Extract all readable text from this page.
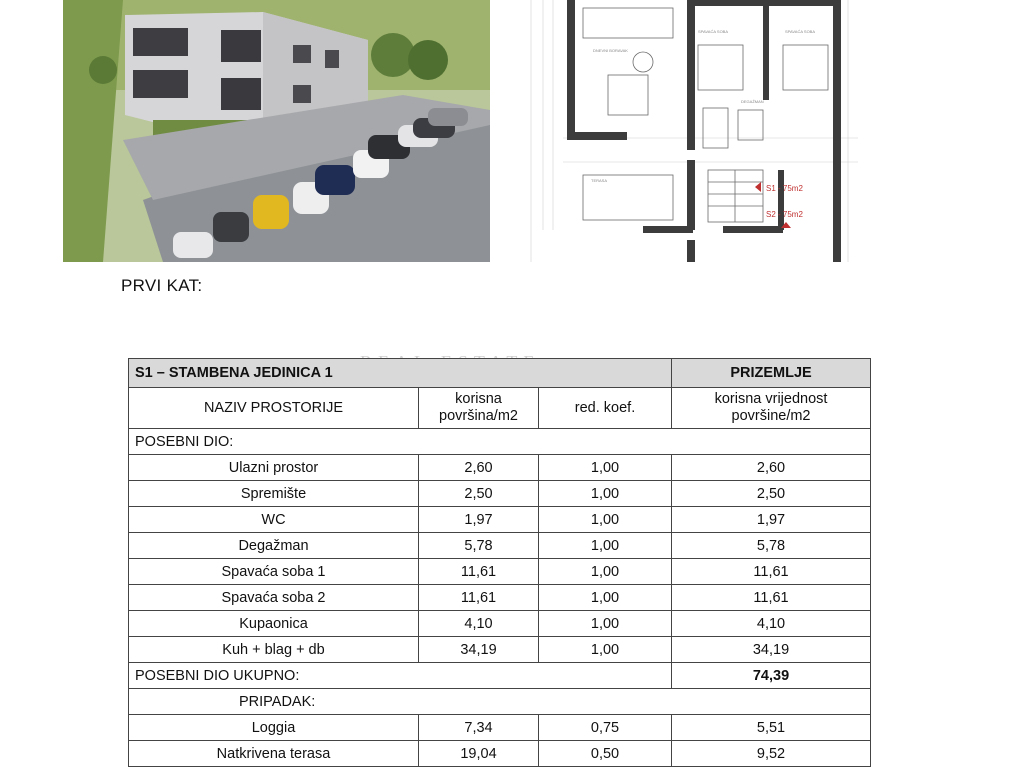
DNEVNI BORAVAK
SPAVAĆA SOBA	SPAVAĆA SOBA
DEGAŽMAN
TERASA
S1 - 75m2
S2 - 75m2
PRVI KAT:
S1 – STAMBENA JEDINICA 1			PRIZEMLJE
NAZIV PROSTORIJE	korisna površina/m2	red. koef.	korisna vrijednost površine/m2
POSEBNI DIO:			
Ulazni prostor	2,60	1,00	2,60
Spremište	2,50	1,00	2,50
WC	1,97	1,00	1,97
Degažman	5,78	1,00	5,78
Spavaća soba 1	11,61	1,00	11,61
Spavaća soba 2	11,61	1,00	11,61
Kupaonica	4,10	1,00	4,10
Kuh + blag + db	34,19	1,00	34,19
POSEBNI DIO UKUPNO:			74,39
PRIPADAK:			
Loggia	7,34	0,75	5,51
Natkrivena terasa	19,04	0,50	9,52
